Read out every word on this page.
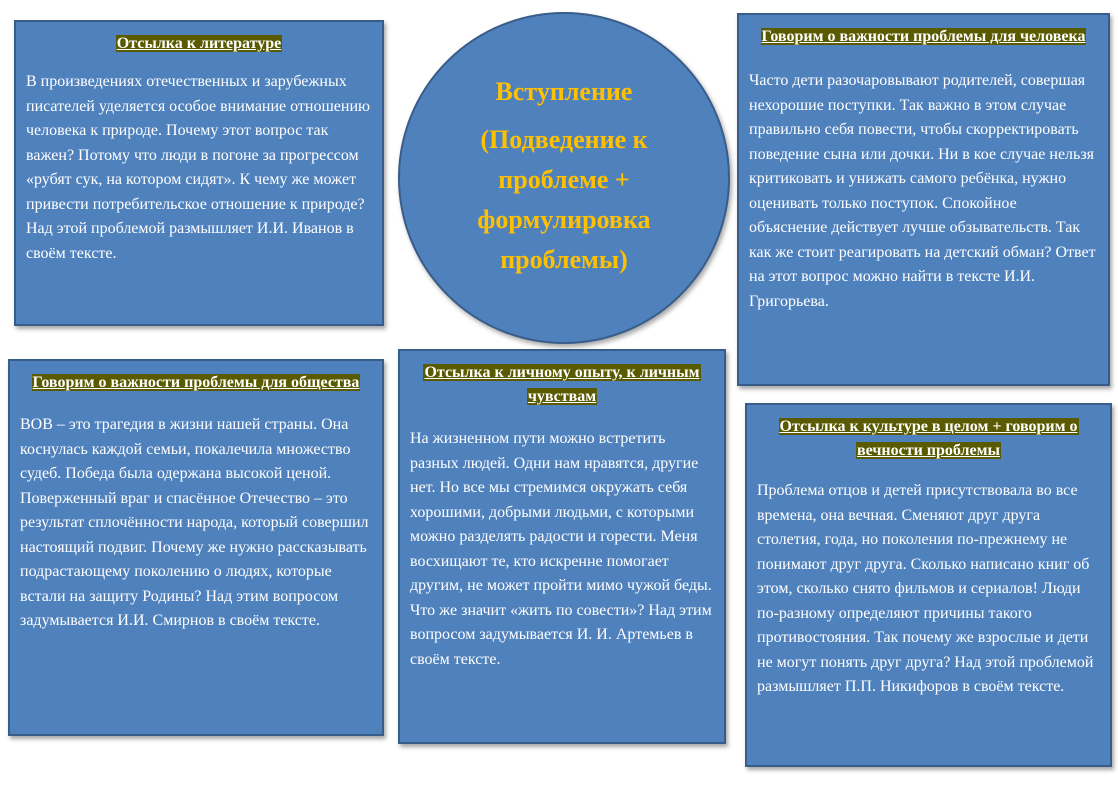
Отсылка к литературе

В произведениях отечественных и зарубежных писателей уделяется особое внимание отношению человека к природе. Почему этот вопрос так важен? Потому что люди в погоне за прогрессом «рубят сук, на котором сидят». К чему же может привести потребительское отношение к природе? Над этой проблемой размышляет И.И. Иванов в своём тексте.

Вступление
(Подведение к проблеме + формулировка проблемы)
Говорим о важности проблемы для человека

Часто дети разочаровывают родителей, совершая нехорошие поступки. Так важно в этом случае правильно себя повести, чтобы скорректировать поведение сына или дочки. Ни в кое случае нельзя критиковать и унижать самого ребёнка, нужно оценивать только поступок. Спокойное объяснение действует лучше обзывательств. Так как же стоит реагировать на детский обман? Ответ на этот вопрос можно найти в тексте И.И. Григорьева.

Говорим о важности проблемы для общества

ВОВ – это трагедия в жизни нашей страны. Она коснулась каждой семьи, покалечила множество судеб. Победа была одержана высокой ценой. Поверженный враг и спасённое Отечество – это результат сплочённости народа, который совершил настоящий подвиг. Почему же нужно рассказывать подрастающему поколению о людях, которые встали на защиту Родины? Над этим вопросом задумывается И.И. Смирнов в своём тексте.

Отсылка к личному опыту, к личным чувствам

На жизненном пути можно встретить разных людей. Одни нам нравятся, другие нет. Но все мы стремимся окружать себя хорошими, добрыми людьми, с которыми можно разделять радости и горести. Меня восхищают те, кто искренне помогает другим, не может пройти мимо чужой беды. Что же значит «жить по совести»? Над этим вопросом задумывается И. И. Артемьев в своём тексте.

Отсылка к культуре в целом + говорим о вечности проблемы

Проблема отцов и детей присутствовала во все времена, она вечная. Сменяют друг друга столетия, года, но поколения по-прежнему не понимают друг друга. Сколько написано книг об этом, сколько снято фильмов и сериалов! Люди по-разному определяют причины такого противостояния. Так почему же взрослые и дети не могут понять друг друга? Над этой проблемой размышляет П.П. Никифоров в своём тексте.
